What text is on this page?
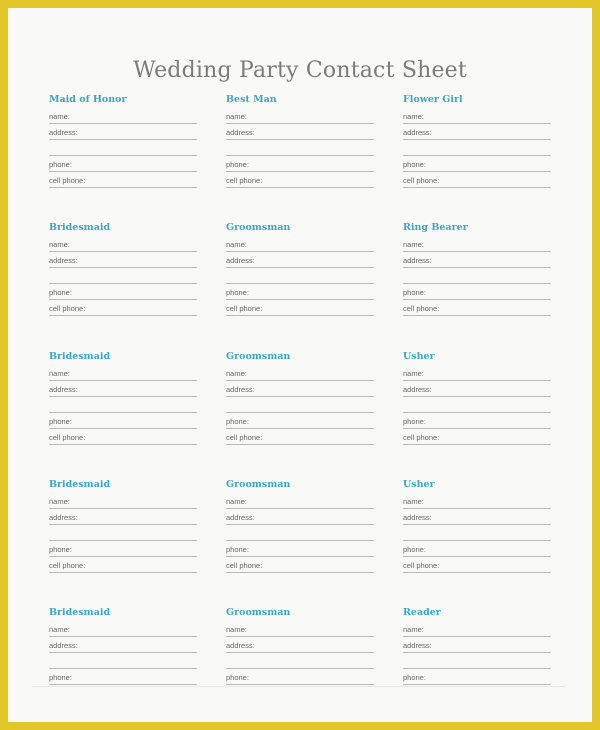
Wedding Party Contact Sheet
Maid of Honor
name:
address:
phone:
cell phone:
Best Man
name:
address:
phone:
cell phone:
Flower Girl
name:
address:
phone:
cell phone:
Bridesmaid
name:
address:
phone:
cell phone:
Groomsman
name:
address:
phone:
cell phone:
Ring Bearer
name:
address:
phone:
cell phone:
Bridesmaid
name:
address:
phone:
cell phone:
Groomsman
name:
address:
phone:
cell phone:
Usher
name:
address:
phone:
cell phone:
Bridesmaid
name:
address:
phone:
cell phone:
Groomsman
name:
address:
phone:
cell phone:
Usher
name:
address:
phone:
cell phone:
Bridesmaid
name:
address:
phone:
Groomsman
name:
address:
phone:
Reader
name:
address:
phone:
